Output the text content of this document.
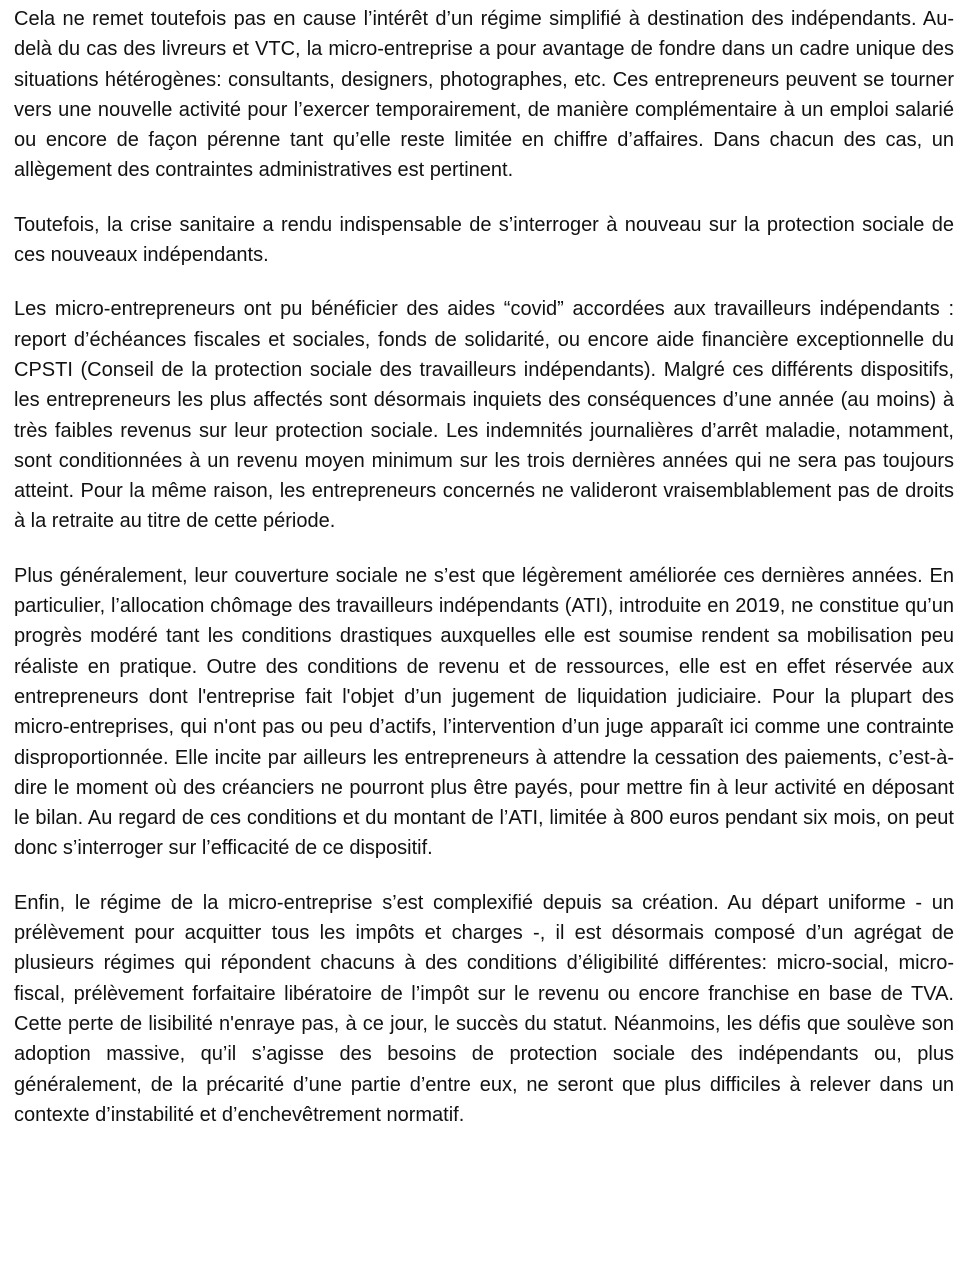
Cela ne remet toutefois pas en cause l’intérêt d’un régime simplifié à destination des indépendants. Au-delà du cas des livreurs et VTC, la micro-entreprise a pour avantage de fondre dans un cadre unique des situations hétérogènes: consultants, designers, photographes, etc. Ces entrepreneurs peuvent se tourner vers une nouvelle activité pour l’exercer temporairement, de manière complémentaire à un emploi salarié ou encore de façon pérenne tant qu’elle reste limitée en chiffre d’affaires. Dans chacun des cas, un allègement des contraintes administratives est pertinent.

Toutefois, la crise sanitaire a rendu indispensable de s’interroger à nouveau sur la protection sociale de ces nouveaux indépendants.

Les micro-entrepreneurs ont pu bénéficier des aides “covid” accordées aux travailleurs indépendants : report d’échéances fiscales et sociales, fonds de solidarité, ou encore aide financière exceptionnelle du CPSTI (Conseil de la protection sociale des travailleurs indépendants). Malgré ces différents dispositifs, les entrepreneurs les plus affectés sont désormais inquiets des conséquences d’une année (au moins) à très faibles revenus sur leur protection sociale. Les indemnités journalières d’arrêt maladie, notamment, sont conditionnées à un revenu moyen minimum sur les trois dernières années qui ne sera pas toujours atteint. Pour la même raison, les entrepreneurs concernés ne valideront vraisemblablement pas de droits à la retraite au titre de cette période.

Plus généralement, leur couverture sociale ne s’est que légèrement améliorée ces dernières années. En particulier, l’allocation chômage des travailleurs indépendants (ATI), introduite en 2019, ne constitue qu’un progrès modéré tant les conditions drastiques auxquelles elle est soumise rendent sa mobilisation peu réaliste en pratique. Outre des conditions de revenu et de ressources, elle est en effet réservée aux entrepreneurs dont l'entreprise fait l'objet d’un jugement de liquidation judiciaire. Pour la plupart des micro-entreprises, qui n'ont pas ou peu d’actifs, l’intervention d’un juge apparaît ici comme une contrainte disproportionnée. Elle incite par ailleurs les entrepreneurs à attendre la cessation des paiements, c’est-à-dire le moment où des créanciers ne pourront plus être payés, pour mettre fin à leur activité en déposant le bilan. Au regard de ces conditions et du montant de l’ATI, limitée à 800 euros pendant six mois, on peut donc s’interroger sur l’efficacité de ce dispositif.

Enfin, le régime de la micro-entreprise s’est complexifié depuis sa création. Au départ uniforme - un prélèvement pour acquitter tous les impôts et charges -, il est désormais composé d’un agrégat de plusieurs régimes qui répondent chacuns à des conditions d’éligibilité différentes: micro-social, micro-fiscal, prélèvement forfaitaire libératoire de l’impôt sur le revenu ou encore franchise en base de TVA. Cette perte de lisibilité n'enraye pas, à ce jour, le succès du statut. Néanmoins, les défis que soulève son adoption massive, qu’il s’agisse des besoins de protection sociale des indépendants ou, plus généralement, de la précarité d’une partie d’entre eux, ne seront que plus difficiles à relever dans un contexte d’instabilité et d’enchevêtrement normatif.
